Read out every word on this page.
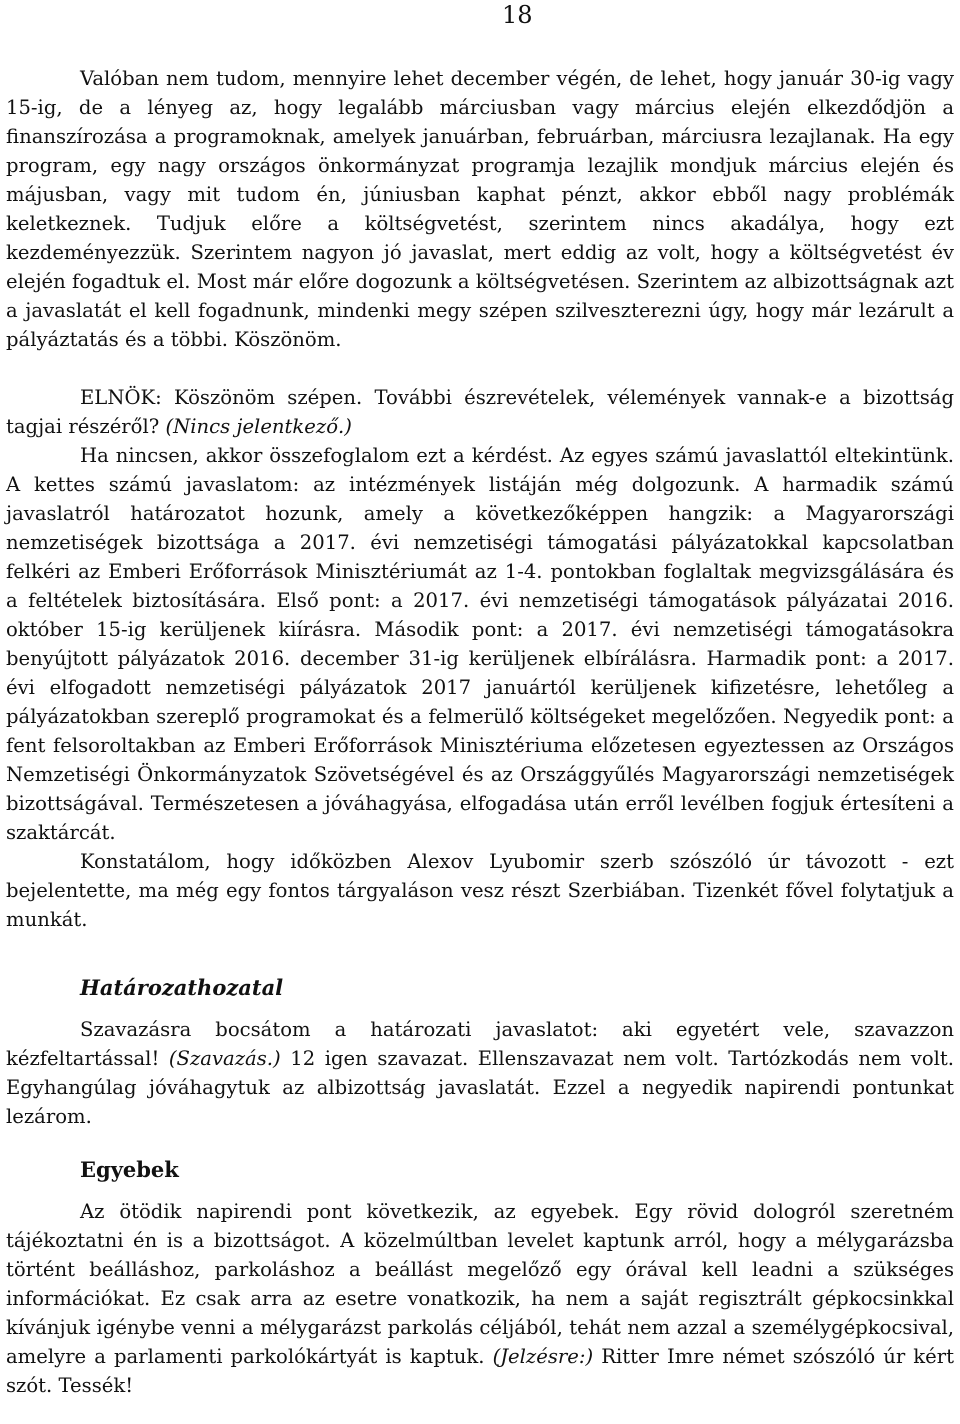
18

Valóban nem tudom, mennyire lehet december végén, de lehet, hogy január 30-ig vagy 15-ig, de a lényeg az, hogy legalább márciusban vagy március elején elkezdődjön a finanszírozása a programoknak, amelyek januárban, februárban, márciusra lezajlanak. Ha egy program, egy nagy országos önkormányzat programja lezajlik mondjuk március elején és májusban, vagy mit tudom én, júniusban kaphat pénzt, akkor ebből nagy problémák keletkeznek. Tudjuk előre a költségvetést, szerintem nincs akadálya, hogy ezt kezdeményezzük. Szerintem nagyon jó javaslat, mert eddig az volt, hogy a költségvetést év elején fogadtuk el. Most már előre dogozunk a költségvetésen. Szerintem az albizottságnak azt a javaslatát el kell fogadnunk, mindenki megy szépen szilveszterezni úgy, hogy már lezárult a pályáztatás és a többi. Köszönöm.

ELNÖK: Köszönöm szépen. További észrevételek, vélemények vannak-e a bizottság tagjai részéről? (Nincs jelentkező.)

Ha nincsen, akkor összefoglalom ezt a kérdést. Az egyes számú javaslattól eltekintünk. A kettes számú javaslatom: az intézmények listáján még dolgozunk. A harmadik számú javaslatról határozatot hozunk, amely a következőképpen hangzik: a Magyarországi nemzetiségek bizottsága a 2017. évi nemzetiségi támogatási pályázatokkal kapcsolatban felkéri az Emberi Erőforrások Minisztériumát az 1-4. pontokban foglaltak megvizsgálására és a feltételek biztosítására. Első pont: a 2017. évi nemzetiségi támogatások pályázatai 2016. október 15-ig kerüljenek kiírásra. Második pont: a 2017. évi nemzetiségi támogatásokra benyújtott pályázatok 2016. december 31-ig kerüljenek elbírálásra. Harmadik pont: a 2017. évi elfogadott nemzetiségi pályázatok 2017 januártól kerüljenek kifizetésre, lehetőleg a pályázatokban szereplő programokat és a felmerülő költségeket megelőzően. Negyedik pont: a fent felsoroltakban az Emberi Erőforrások Minisztériuma előzetesen egyeztessen az Országos Nemzetiségi Önkormányzatok Szövetségével és az Országgyűlés Magyarországi nemzetiségek bizottságával. Természetesen a jóváhagyása, elfogadása után erről levélben fogjuk értesíteni a szaktárcát.

Konstatálom, hogy időközben Alexov Lyubomir szerb szószóló úr távozott - ezt bejelentette, ma még egy fontos tárgyaláson vesz részt Szerbiában. Tizenkét fővel folytatjuk a munkát.

Határozathozatal

Szavazásra bocsátom a határozati javaslatot: aki egyetért vele, szavazzon kézfeltartással! (Szavazás.) 12 igen szavazat. Ellenszavazat nem volt. Tartózkodás nem volt. Egyhangúlag jóváhagytuk az albizottság javaslatát. Ezzel a negyedik napirendi pontunkat lezárom.

Egyebek

Az ötödik napirendi pont következik, az egyebek. Egy rövid dologról szeretném tájékoztatni én is a bizottságot. A közelmúltban levelet kaptunk arról, hogy a mélygarázsba történt beálláshoz, parkoláshoz a beállást megelőző egy órával kell leadni a szükséges információkat. Ez csak arra az esetre vonatkozik, ha nem a saját regisztrált gépkocsinkkal kívánjuk igénybe venni a mélygarázst parkolás céljából, tehát nem azzal a személygépkocsival, amelyre a parlamenti parkolókártyát is kaptuk. (Jelzésre:) Ritter Imre német szószóló úr kért szót. Tessék!
